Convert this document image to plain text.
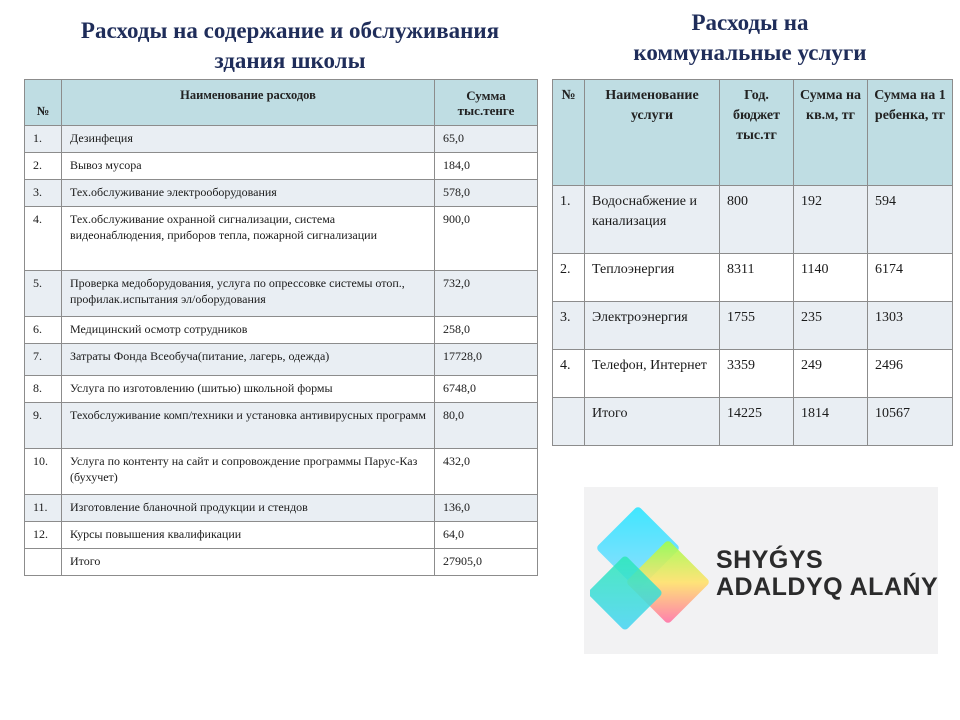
Расходы на содержание и обслуживания
здания школы
Расходы на
коммунальные услуги
№	Наименование расходов	Сумма
тыс.тенге

1.	Дезинфеция	65,0
2.	Вывоз мусора	184,0
3.	Тех.обслуживание электрооборудования	578,0
4.	Тех.обслуживание охранной сигнализации, система видеонаблюдения, приборов тепла, пожарной сигнализации	900,0
5.	Проверка медоборудования, услуга по опрессовке системы отоп., профилак.испытания эл/оборудования	732,0
6.	Медицинский осмотр сотрудников	258,0
7.	Затраты Фонда Всеобуча(питание, лагерь, одежда)	17728,0
8.	Услуга по изготовлению (шитью) школьной формы	6748,0
9.	Техобслуживание комп/техники и установка антивирусных программ	80,0
10.	Услуга по контенту на сайт и сопровождение программы Парус-Каз (бухучет)	432,0
11.	Изготовление бланочной продукции и стендов	136,0
12.	Курсы повышения квалификации	64,0
	Итого	27905,0
№	Наименование услуги	Год. бюджет тыс.тг	Сумма на кв.м, тг	Сумма на 1 ребенка, тг
1.	Водоснабжение и канализация	800	192	594
2.	Теплоэнергия	8311	1140	6174
3.	Электроэнергия	1755	235	1303
4.	Телефон, Интернет	3359	249	2496
	Итого	14225	1814	10567
SHYǴYS
ADALDYQ ALAŃY
